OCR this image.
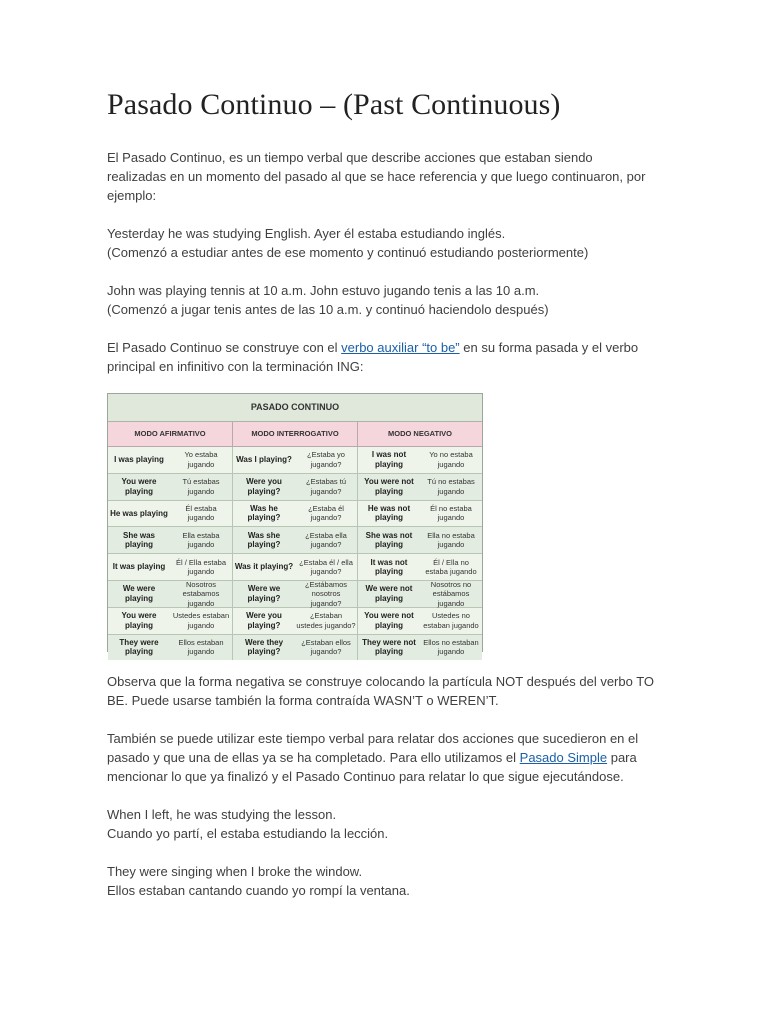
Pasado Continuo – (Past Continuous)

El Pasado Continuo, es un tiempo verbal que describe acciones que estaban siendo
realizadas en un momento del pasado al que se hace referencia y que luego continuaron, por
ejemplo:

Yesterday he was studying English. Ayer él estaba estudiando inglés.
(Comenzó a estudiar antes de ese momento y continuó estudiando posteriormente)

John was playing tennis at 10 a.m. John estuvo jugando tenis a las 10 a.m.
(Comenzó a jugar tenis antes de las 10 a.m. y continuó haciendolo después)

El Pasado Continuo se construye con el verbo auxiliar “to be” en su forma pasada y el verbo
principal en infinitivo con la terminación ING:

PASADO CONTINUO
MODO AFIRMATIVO	MODO INTERROGATIVO	MODO NEGATIVO
I was playing
Yo estaba jugando
Was I playing?
¿Estaba yo jugando?
I was not playing
Yo no estaba jugando
You were playing
Tú estabas jugando
Were you playing?
¿Estabas tú jugando?
You were not playing
Tú no estabas jugando
He was playing
Él estaba jugando
Was he playing?
¿Estaba él jugando?
He was not playing
Él no estaba jugando
She was playing
Ella estaba jugando
Was she playing?
¿Estaba ella jugando?
She was not playing
Ella no estaba jugando
It was playing
Él / Ella estaba jugando
Was it playing?
¿Estaba él / ella jugando?
It was not playing
Él / Ella no estaba jugando
We were playing
Nosotros estabamos jugando
Were we playing?
¿Estábamos nosotros jugando?
We were not playing
Nosotros no estábamos jugando
You were playing
Ustedes estaban jugando
Were you playing?
¿Estaban ustedes jugando?
You were not playing
Ustedes no estaban jugando
They were playing
Ellos estaban jugando
Were they playing?
¿Estaban ellos jugando?
They were not playing
Ellos no estaban jugando

Observa que la forma negativa se construye colocando la partícula NOT después del verbo TO
BE. Puede usarse también la forma contraída WASN’T o WEREN’T.

También se puede utilizar este tiempo verbal para relatar dos acciones que sucedieron en el
pasado y que una de ellas ya se ha completado. Para ello utilizamos el Pasado Simple para
mencionar lo que ya finalizó y el Pasado Continuo para relatar lo que sigue ejecutándose.

When I left, he was studying the lesson.
Cuando yo partí, el estaba estudiando la lección.

They were singing when I broke the window.
Ellos estaban cantando cuando yo rompí la ventana.
